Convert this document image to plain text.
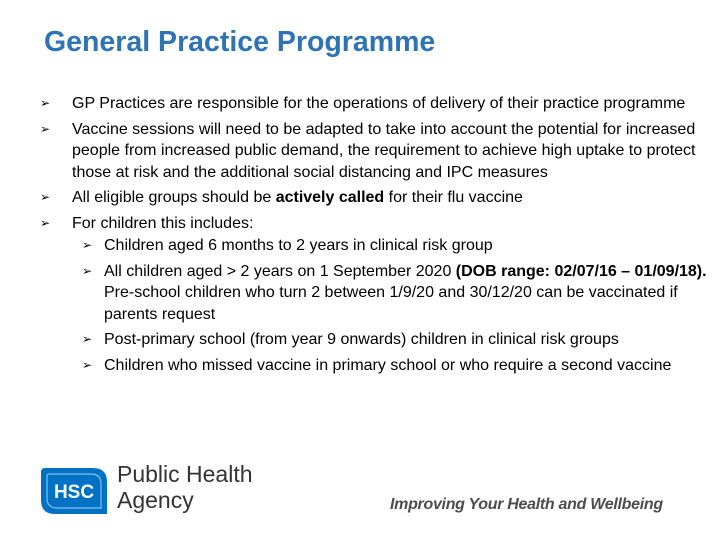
General Practice Programme
➢ GP Practices are responsible for the operations of delivery of their practice programme
➢ Vaccine sessions will need to be adapted to take into account the potential for increased people from increased public demand, the requirement to achieve high uptake to protect those at risk and the additional social distancing and IPC measures
➢ All eligible groups should be actively called for their flu vaccine
➢ For children this includes:
➢ Children aged 6 months to 2 years in clinical risk group
➢ All children aged > 2 years on 1 September 2020 (DOB range: 02/07/16 – 01/09/18). Pre-school children who turn 2 between 1/9/20 and 30/12/20 can be vaccinated if parents request
➢ Post-primary school (from year 9 onwards) children in clinical risk groups
➢ Children who missed vaccine in primary school or who require a second vaccine
HSC
Public Health
Agency	Improving Your Health and Wellbeing
